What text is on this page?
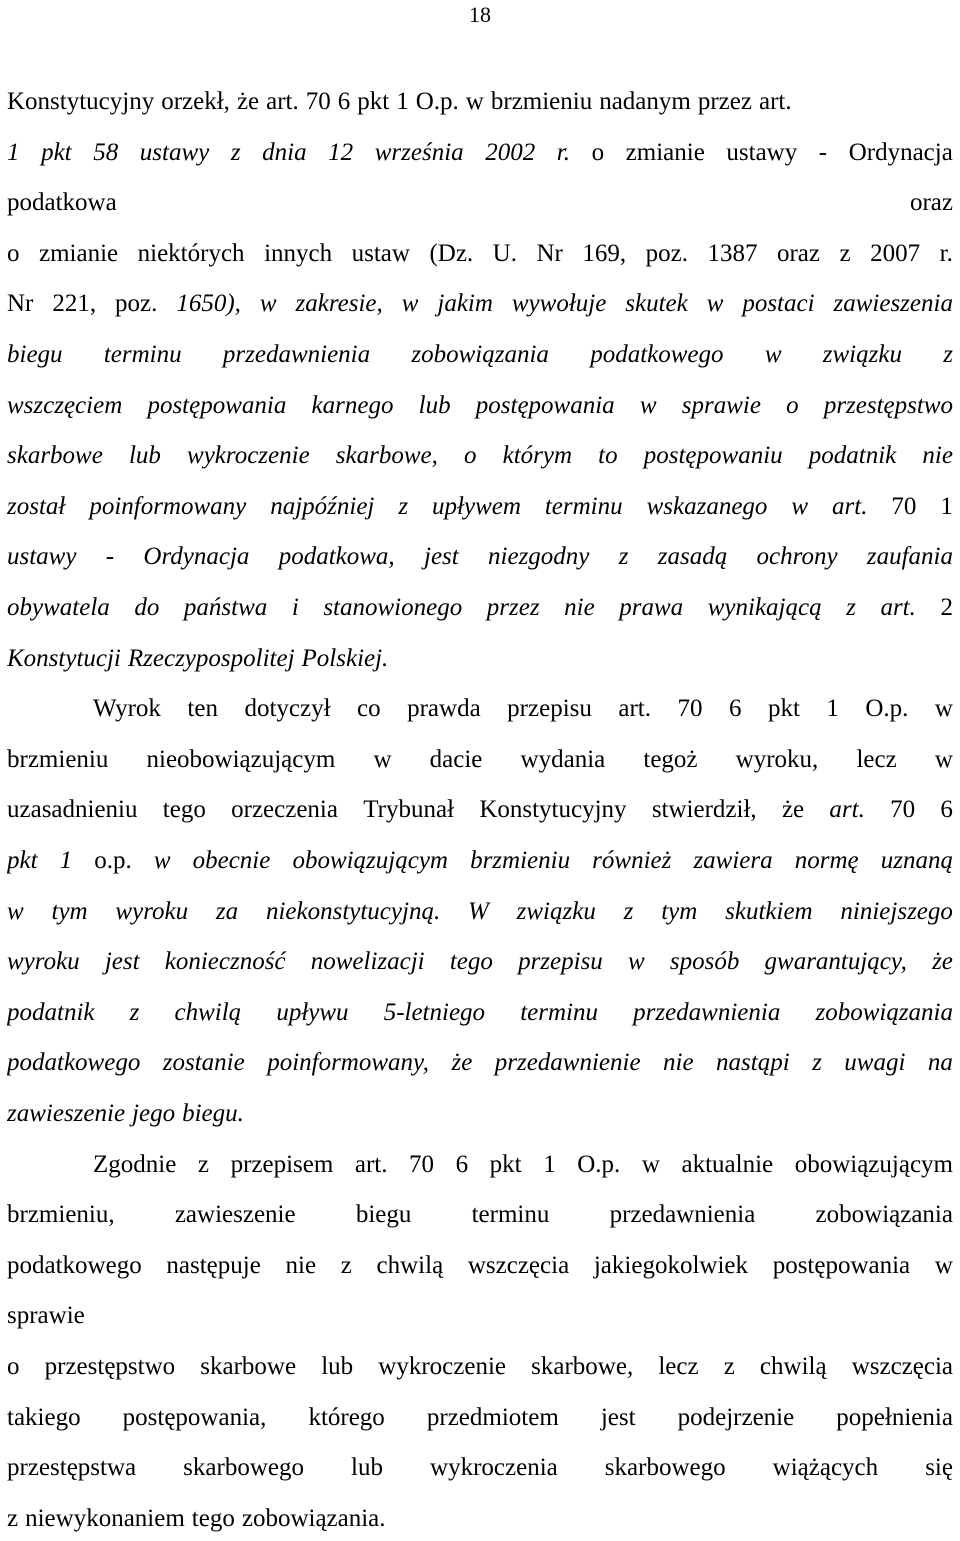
18
Konstytucyjny orzekł, że art. 70 6 pkt 1 O.p. w brzmieniu nadanym przez art.
1 pkt 58 ustawy z dnia 12 września 2002 r. o zmianie ustawy - Ordynacja
podatkowa	oraz
o zmianie niektórych innych ustaw (Dz. U. Nr 169, poz. 1387 oraz z 2007 r.
Nr 221, poz. 1650), w zakresie, w jakim wywołuje skutek w postaci zawieszenia
biegu terminu przedawnienia zobowiązania podatkowego w związku z
wszczęciem postępowania karnego lub postępowania w sprawie o przestępstwo
skarbowe lub wykroczenie skarbowe, o którym to postępowaniu podatnik nie
został poinformowany najpóźniej z upływem terminu wskazanego w art. 70 1
ustawy - Ordynacja podatkowa, jest niezgodny z zasadą ochrony zaufania
obywatela do państwa i stanowionego przez nie prawa wynikającą z art. 2
Konstytucji Rzeczypospolitej Polskiej.
Wyrok ten dotyczył co prawda przepisu art. 70 6 pkt 1 O.p. w
brzmieniu nieobowiązującym w dacie wydania tegoż wyroku, lecz w
uzasadnieniu tego orzeczenia Trybunał Konstytucyjny stwierdził, że art. 70 6
pkt 1 o.p. w obecnie obowiązującym brzmieniu również zawiera normę uznaną
w tym wyroku za niekonstytucyjną. W związku z tym skutkiem niniejszego
wyroku jest konieczność nowelizacji tego przepisu w sposób gwarantujący, że
podatnik z chwilą upływu 5-letniego terminu przedawnienia zobowiązania
podatkowego zostanie poinformowany, że przedawnienie nie nastąpi z uwagi na
zawieszenie jego biegu.
Zgodnie z przepisem art. 70 6 pkt 1 O.p. w aktualnie obowiązującym
brzmieniu, zawieszenie biegu terminu przedawnienia zobowiązania
podatkowego następuje nie z chwilą wszczęcia jakiegokolwiek postępowania w
sprawie
o przestępstwo skarbowe lub wykroczenie skarbowe, lecz z chwilą wszczęcia
takiego postępowania, którego przedmiotem jest podejrzenie popełnienia
przestępstwa skarbowego lub wykroczenia skarbowego wiążących się
z niewykonaniem tego zobowiązania.
